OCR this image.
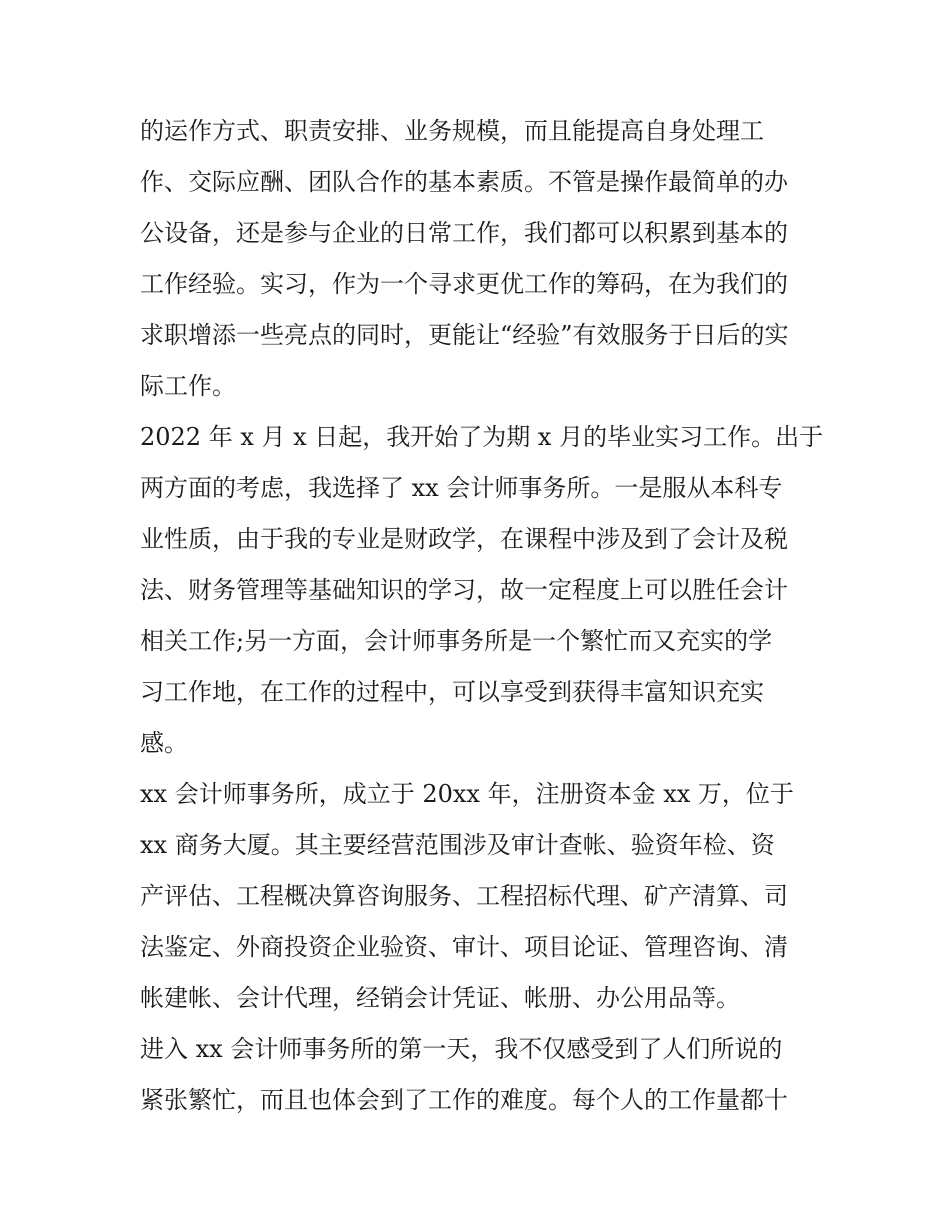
的运作方式、职责安排、业务规模，而且能提高自身处理工
作、交际应酬、团队合作的基本素质。不管是操作最简单的办
公设备，还是参与企业的日常工作，我们都可以积累到基本的
工作经验。实习，作为一个寻求更优工作的筹码，在为我们的
求职增添一些亮点的同时，更能让“经验”有效服务于日后的实
际工作。
2022 年 x 月 x 日起，我开始了为期 x 月的毕业实习工作。出于
两方面的考虑，我选择了 xx 会计师事务所。一是服从本科专
业性质，由于我的专业是财政学，在课程中涉及到了会计及税
法、财务管理等基础知识的学习，故一定程度上可以胜任会计
相关工作;另一方面，会计师事务所是一个繁忙而又充实的学
习工作地，在工作的过程中，可以享受到获得丰富知识充实
感。
xx 会计师事务所，成立于 20xx 年，注册资本金 xx 万，位于
xx 商务大厦。其主要经营范围涉及审计查帐、验资年检、资
产评估、工程概决算咨询服务、工程招标代理、矿产清算、司
法鉴定、外商投资企业验资、审计、项目论证、管理咨询、清
帐建帐、会计代理，经销会计凭证、帐册、办公用品等。
进入 xx 会计师事务所的第一天，我不仅感受到了人们所说的
紧张繁忙，而且也体会到了工作的难度。每个人的工作量都十
